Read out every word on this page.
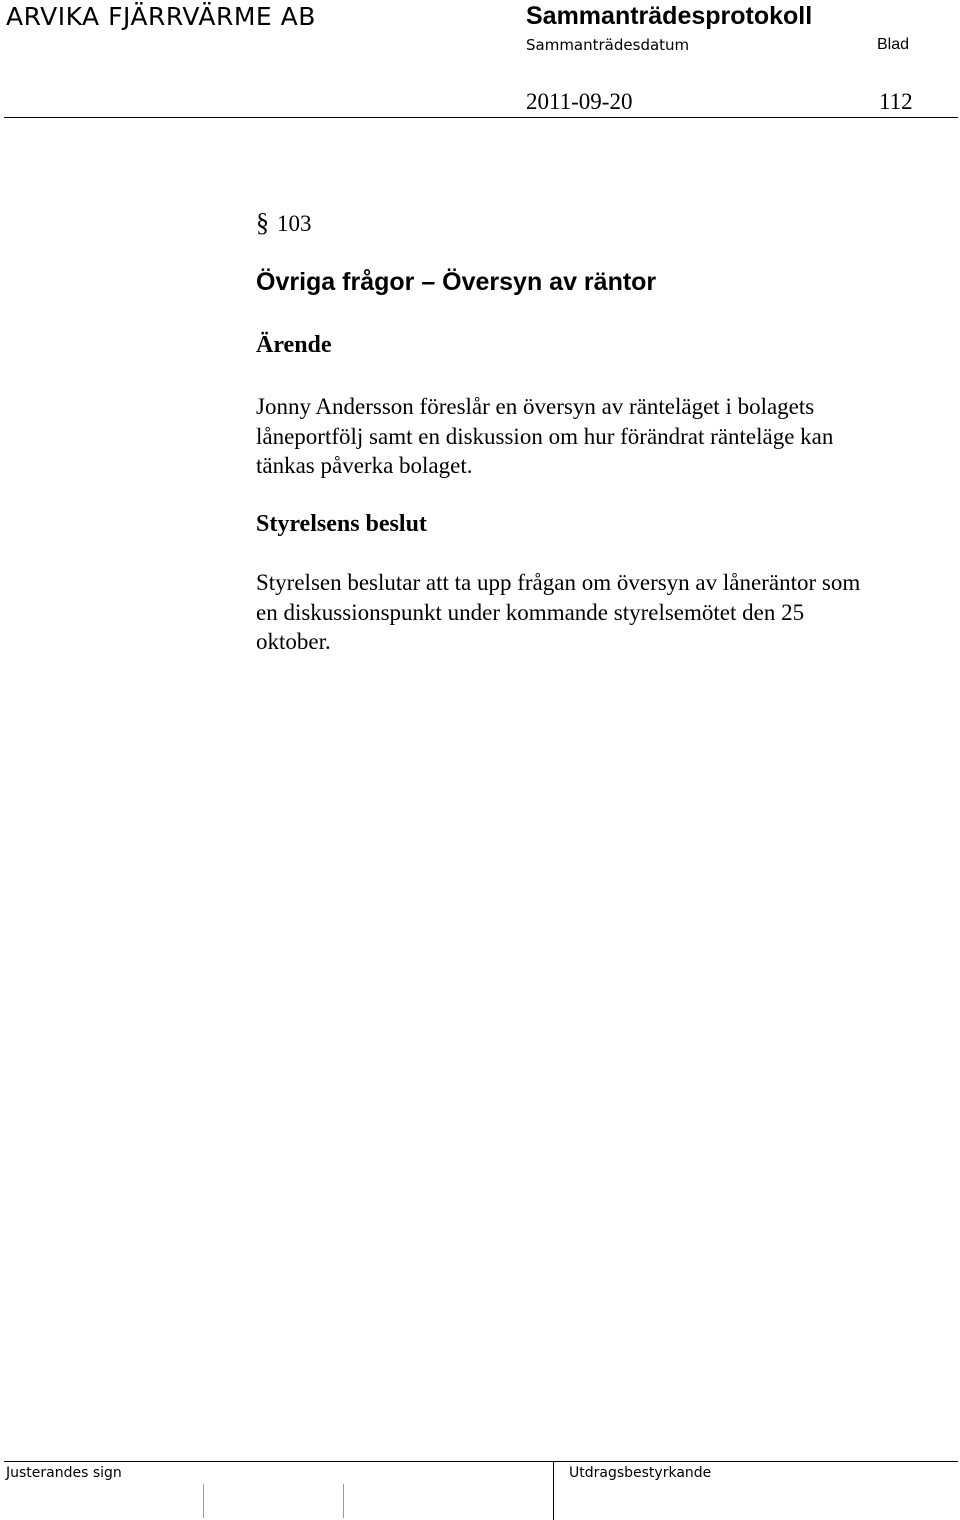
ARVIKA FJÄRRVÄRME AB	Sammanträdesprotokoll
Sammanträdesdatum	Blad
2011-09-20	112
§ 103
Övriga frågor – Översyn av räntor
Ärende
Jonny Andersson föreslår en översyn av ränteläget i bolagets
låneportfölj samt en diskussion om hur förändrat ränteläge kan
tänkas påverka bolaget.
Styrelsens beslut
Styrelsen beslutar att ta upp frågan om översyn av låneräntor som
en diskussionspunkt under kommande styrelsemötet den 25
oktober.
Justerandes sign	Utdragsbestyrkande
